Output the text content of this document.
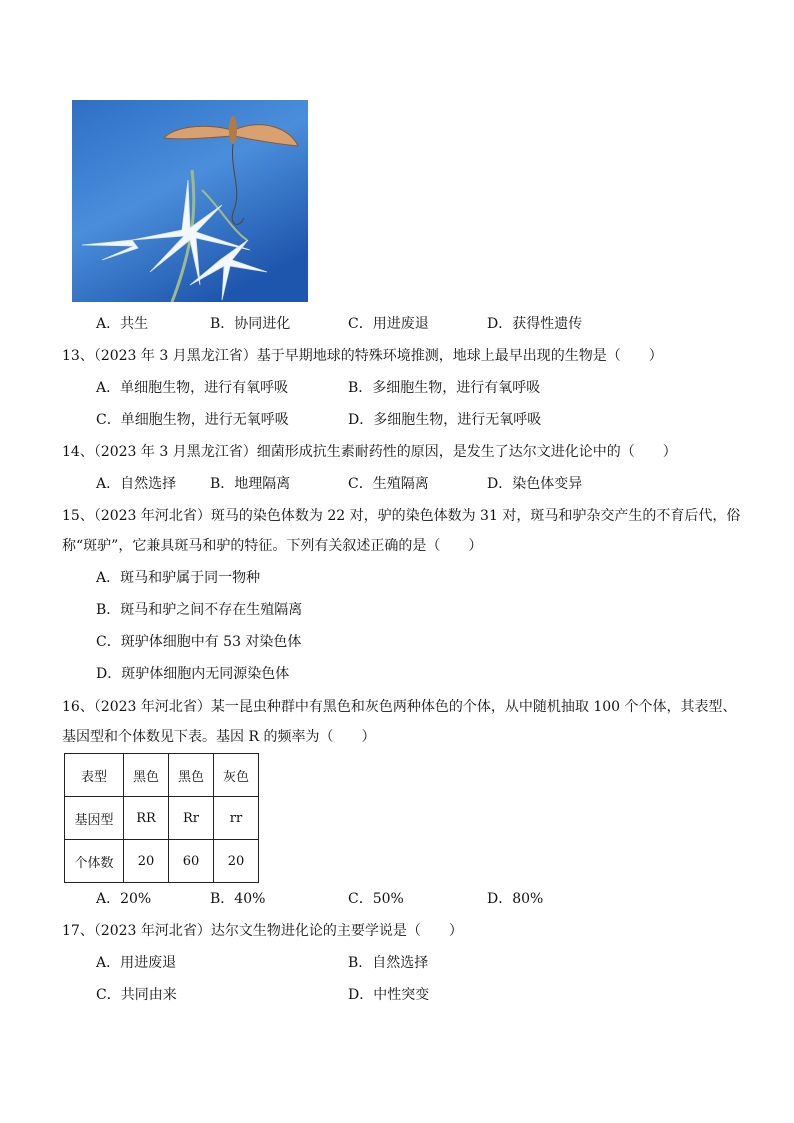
A．共生	B．协同进化	C．用进废退	D．获得性遗传
13、（2023 年 3 月黑龙江省）基于早期地球的特殊环境推测，地球上最早出现的生物是（　　）
A．单细胞生物，进行有氧呼吸	B．多细胞生物，进行有氧呼吸
C．单细胞生物，进行无氧呼吸	D．多细胞生物，进行无氧呼吸
14、（2023 年 3 月黑龙江省）细菌形成抗生素耐药性的原因，是发生了达尔文进化论中的（　　）
A．自然选择 B．地理隔离	C．生殖隔离	D．染色体变异
15、（2023 年河北省）斑马的染色体数为 22 对，驴的染色体数为 31 对，斑马和驴杂交产生的不育后代，俗
称“斑驴”，它兼具斑马和驴的特征。下列有关叙述正确的是（　　）
A．斑马和驴属于同一物种
B．斑马和驴之间不存在生殖隔离
C．斑驴体细胞中有 53 对染色体
D．斑驴体细胞内无同源染色体
16、（2023 年河北省）某一昆虫种群中有黑色和灰色两种体色的个体，从中随机抽取 100 个个体，其表型、
基因型和个体数见下表。基因 R 的频率为（　　）
表型	黑色	黑色	灰色
基因型	RR	Rr	rr
个体数	20	60	20
A．20%	B．40%	C．50%	D．80%
17、（2023 年河北省）达尔文生物进化论的主要学说是（　　）
A．用进废退	B．自然选择
C．共同由来	D．中性突变
